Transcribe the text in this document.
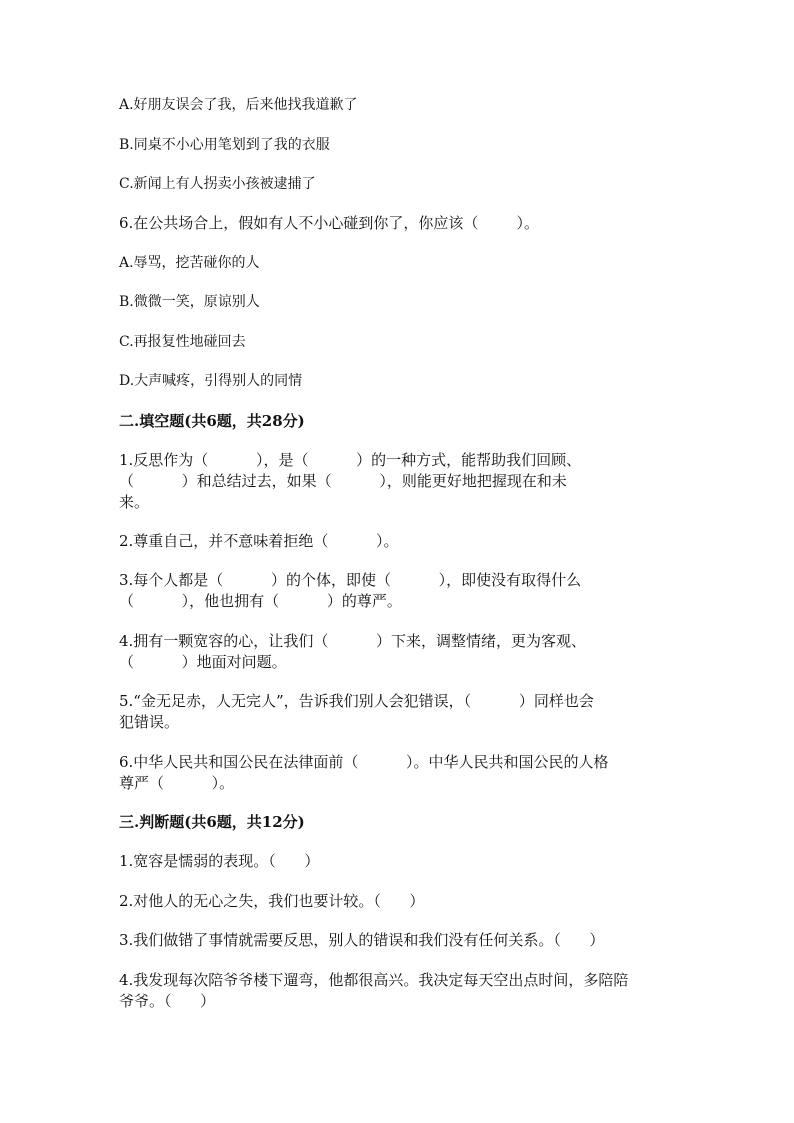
A.好朋友误会了我，后来他找我道歉了
B.同桌不小心用笔划到了我的衣服
C.新闻上有人拐卖小孩被逮捕了
6.在公共场合上，假如有人不小心碰到你了，你应该（        ）。
A.辱骂，挖苦碰你的人
B.微微一笑，原谅别人
C.再报复性地碰回去
D.大声喊疼，引得别人的同情
二.填空题(共6题，共28分)
1.反思作为（          ），是（          ）的一种方式，能帮助我们回顾、
（          ）和总结过去，如果（          ），则能更好地把握现在和未
来。
2.尊重自己，并不意味着拒绝（          ）。
3.每个人都是（          ）的个体，即使（          ），即使没有取得什么
（          ），他也拥有（          ）的尊严。
4.拥有一颗宽容的心，让我们（          ）下来，调整情绪，更为客观、
（          ）地面对问题。
5.“金无足赤，人无完人”，告诉我们别人会犯错误，（          ）同样也会
犯错误。
6.中华人民共和国公民在法律面前（          ）。中华人民共和国公民的人格
尊严（          ）。
三.判断题(共6题，共12分)
1.宽容是懦弱的表现。（      ）
2.对他人的无心之失，我们也要计较。（      ）
3.我们做错了事情就需要反思，别人的错误和我们没有任何关系。（      ）
4.我发现每次陪爷爷楼下遛弯，他都很高兴。我决定每天空出点时间，多陪陪
爷爷。（      ）
